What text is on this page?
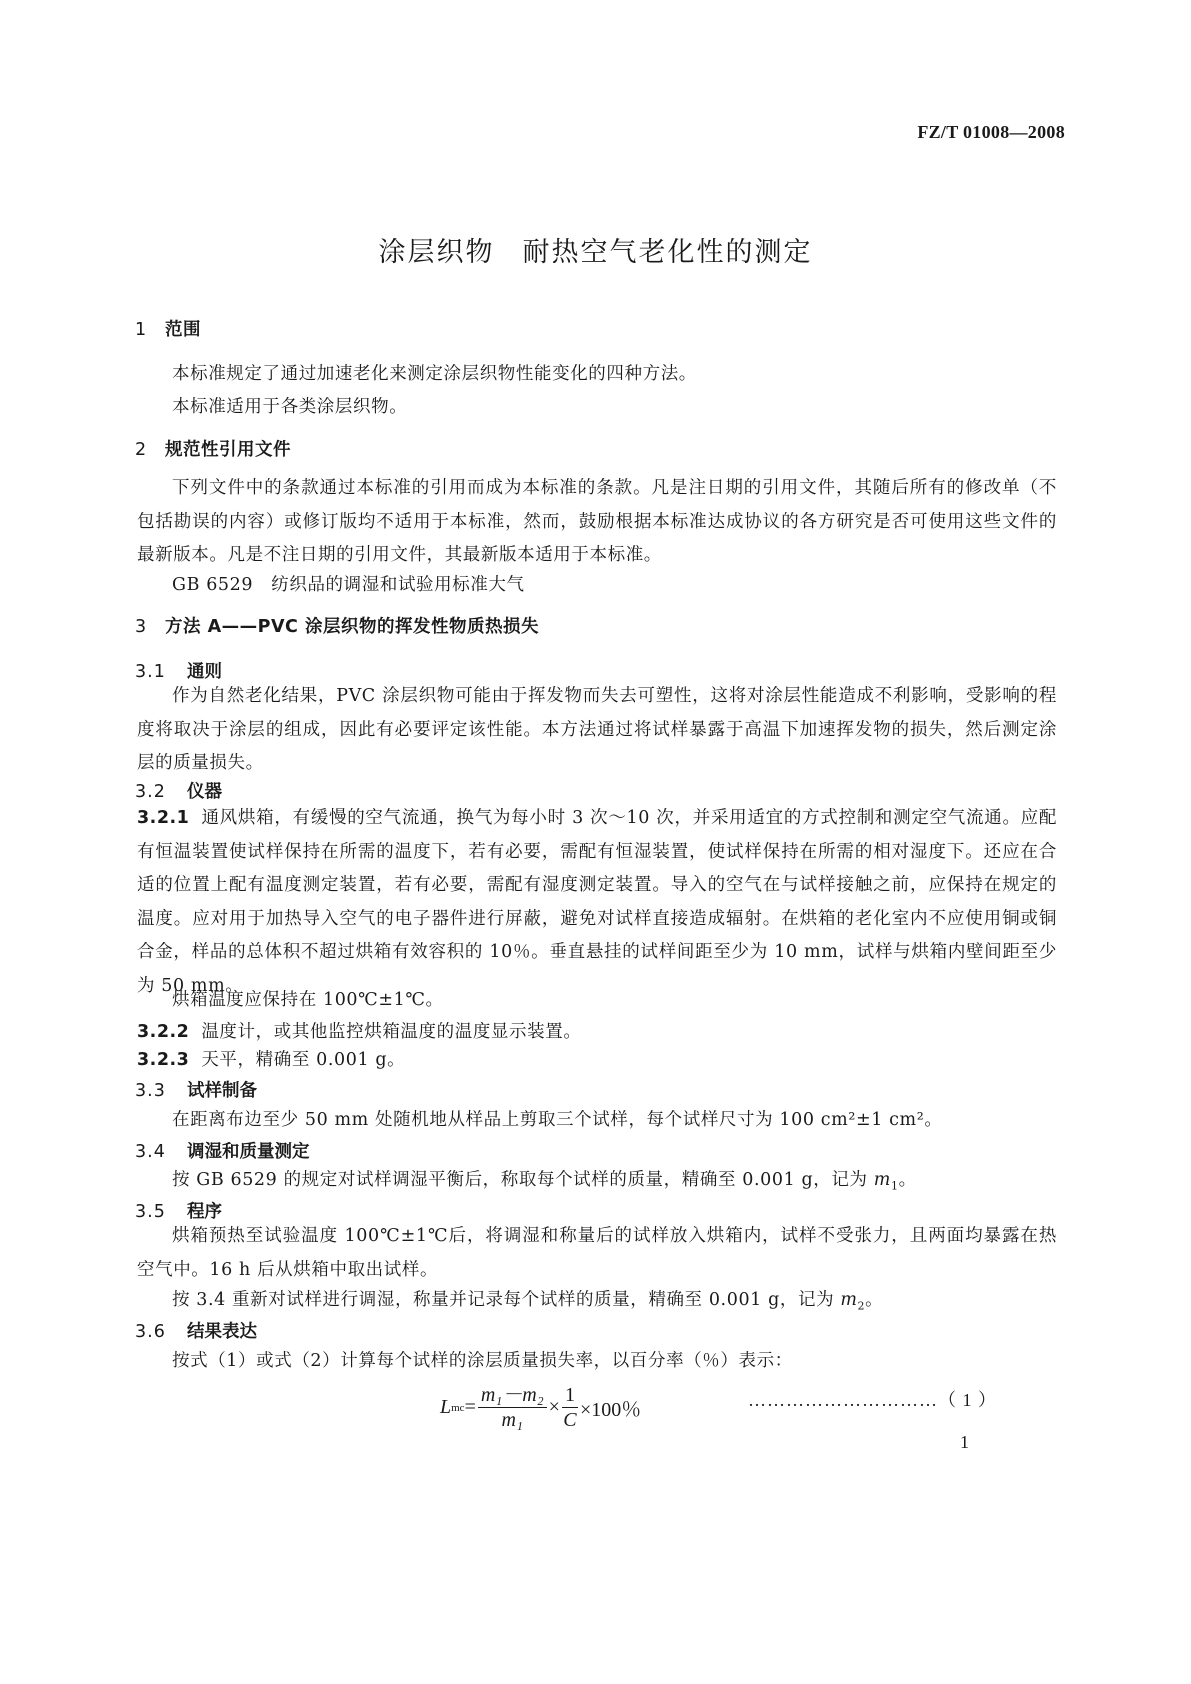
FZ/T 01008—2008
涂层织物 耐热空气老化性的测定
1 范围
本标准规定了通过加速老化来测定涂层织物性能变化的四种方法。
本标准适用于各类涂层织物。
2 规范性引用文件
下列文件中的条款通过本标准的引用而成为本标准的条款。凡是注日期的引用文件，其随后所有的修改单（不包括勘误的内容）或修订版均不适用于本标准，然而，鼓励根据本标准达成协议的各方研究是否可使用这些文件的最新版本。凡是不注日期的引用文件，其最新版本适用于本标准。
GB 6529　纺织品的调湿和试验用标准大气
3 方法 A——PVC 涂层织物的挥发性物质热损失
3.1 通则
作为自然老化结果，PVC 涂层织物可能由于挥发物而失去可塑性，这将对涂层性能造成不利影响，受影响的程度将取决于涂层的组成，因此有必要评定该性能。本方法通过将试样暴露于高温下加速挥发物的损失，然后测定涂层的质量损失。
3.2 仪器
3.2.1 通风烘箱，有缓慢的空气流通，换气为每小时 3 次～10 次，并采用适宜的方式控制和测定空气流通。应配有恒温装置使试样保持在所需的温度下，若有必要，需配有恒湿装置，使试样保持在所需的相对湿度下。还应在合适的位置上配有温度测定装置，若有必要，需配有湿度测定装置。导入的空气在与试样接触之前，应保持在规定的温度。应对用于加热导入空气的电子器件进行屏蔽，避免对试样直接造成辐射。在烘箱的老化室内不应使用铜或铜合金，样品的总体积不超过烘箱有效容积的 10％。垂直悬挂的试样间距至少为 10 mm，试样与烘箱内壁间距至少为 50 mm。
烘箱温度应保持在 100℃±1℃。
3.2.2 温度计，或其他监控烘箱温度的温度显示装置。
3.2.3 天平，精确至 0.001 g。
3.3 试样制备
在距离布边至少 50 mm 处随机地从样品上剪取三个试样，每个试样尺寸为 100 cm²±1 cm²。
3.4 调湿和质量测定
按 GB 6529 的规定对试样调湿平衡后，称取每个试样的质量，精确至 0.001 g，记为 $m_1$。
3.5 程序
烘箱预热至试验温度 100℃±1℃后，将调湿和称量后的试样放入烘箱内，试样不受张力，且两面均暴露在热空气中。16 h 后从烘箱中取出试样。
按 3.4 重新对试样进行调湿，称量并记录每个试样的质量，精确至 0.001 g，记为 $m_2$。
3.6 结果表达
按式（1）或式（2）计算每个试样的涂层质量损失率，以百分率（％）表示：
L mc = $\frac{\text{m₁－m₂}}{\text{m₁}} \times \frac{1}{C} \times 100$％	…………………………（ 1 ）
1
